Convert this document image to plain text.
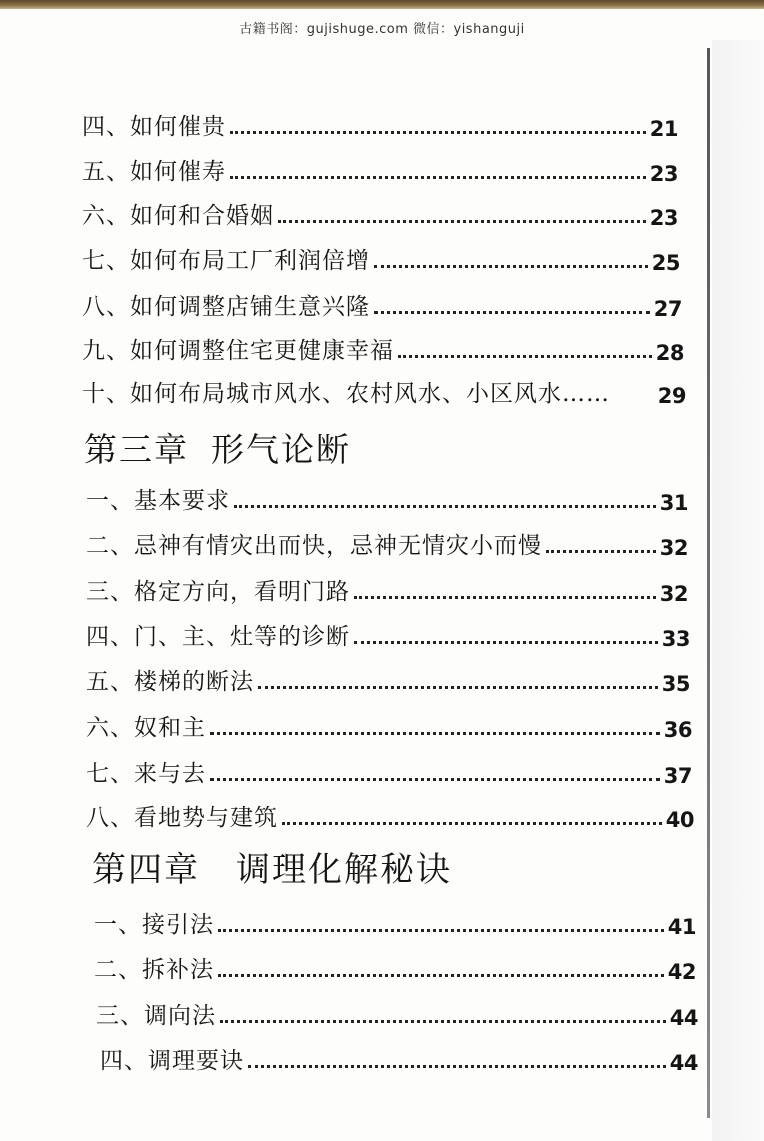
古籍书阁：gujishuge.com 微信：yishanguji
四、如何催贵	21
五、如何催寿	23
六、如何和合婚姻	23
七、如何布局工厂利润倍增	25
八、如何调整店铺生意兴隆	27
九、如何调整住宅更健康幸福	28
十、如何布局城市风水、农村风水、小区风水…… 29
第三章 形气论断
一、基本要求	31
二、忌神有情灾出而快，忌神无情灾小而慢	32
三、格定方向，看明门路	32
四、门、主、灶等的诊断	33
五、楼梯的断法	35
六、奴和主	36
七、来与去	37
八、看地势与建筑	40
第四章 调理化解秘诀
一、接引法	41
二、拆补法	42
三、调向法	44
四、调理要诀	44
